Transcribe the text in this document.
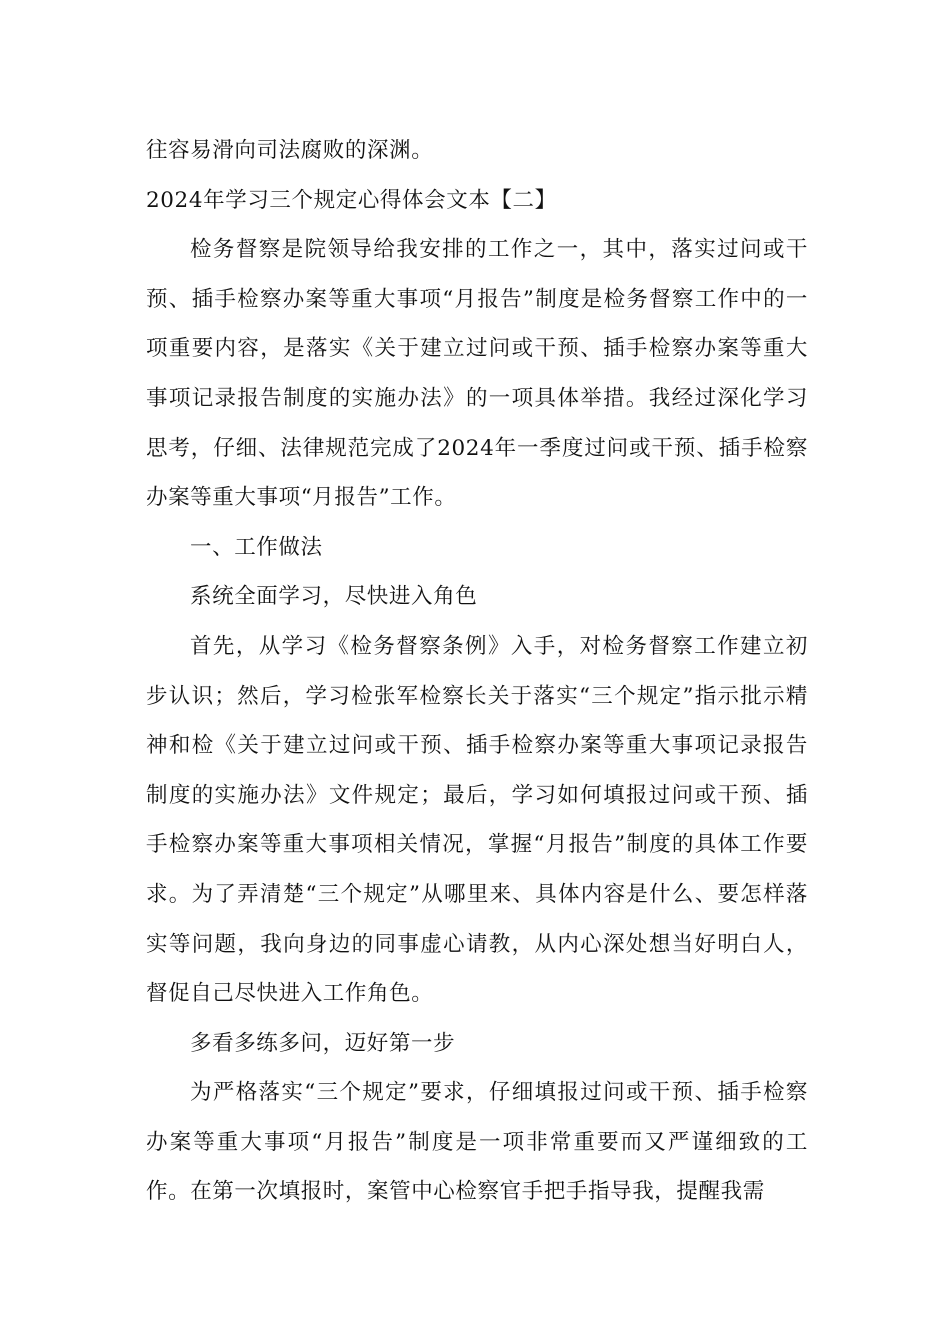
往容易滑向司法腐败的深渊。

2024年学习三个规定心得体会文本【二】

检务督察是院领导给我安排的工作之一，其中，落实过问或干预、插手检察办案等重大事项“月报告”制度是检务督察工作中的一项重要内容，是落实《关于建立过问或干预、插手检察办案等重大事项记录报告制度的实施办法》的一项具体举措。我经过深化学习思考，仔细、法律规范完成了2024年一季度过问或干预、插手检察办案等重大事项“月报告”工作。

一、工作做法

系统全面学习，尽快进入角色

首先，从学习《检务督察条例》入手，对检务督察工作建立初步认识；然后，学习检张军检察长关于落实“三个规定”指示批示精神和检《关于建立过问或干预、插手检察办案等重大事项记录报告制度的实施办法》文件规定；最后，学习如何填报过问或干预、插手检察办案等重大事项相关情况，掌握“月报告”制度的具体工作要求。为了弄清楚“三个规定”从哪里来、具体内容是什么、要怎样落实等问题，我向身边的同事虚心请教，从内心深处想当好明白人，督促自己尽快进入工作角色。

多看多练多问，迈好第一步

为严格落实“三个规定”要求，仔细填报过问或干预、插手检察办案等重大事项“月报告”制度是一项非常重要而又严谨细致的工作。在第一次填报时，案管中心检察官手把手指导我，提醒我需
